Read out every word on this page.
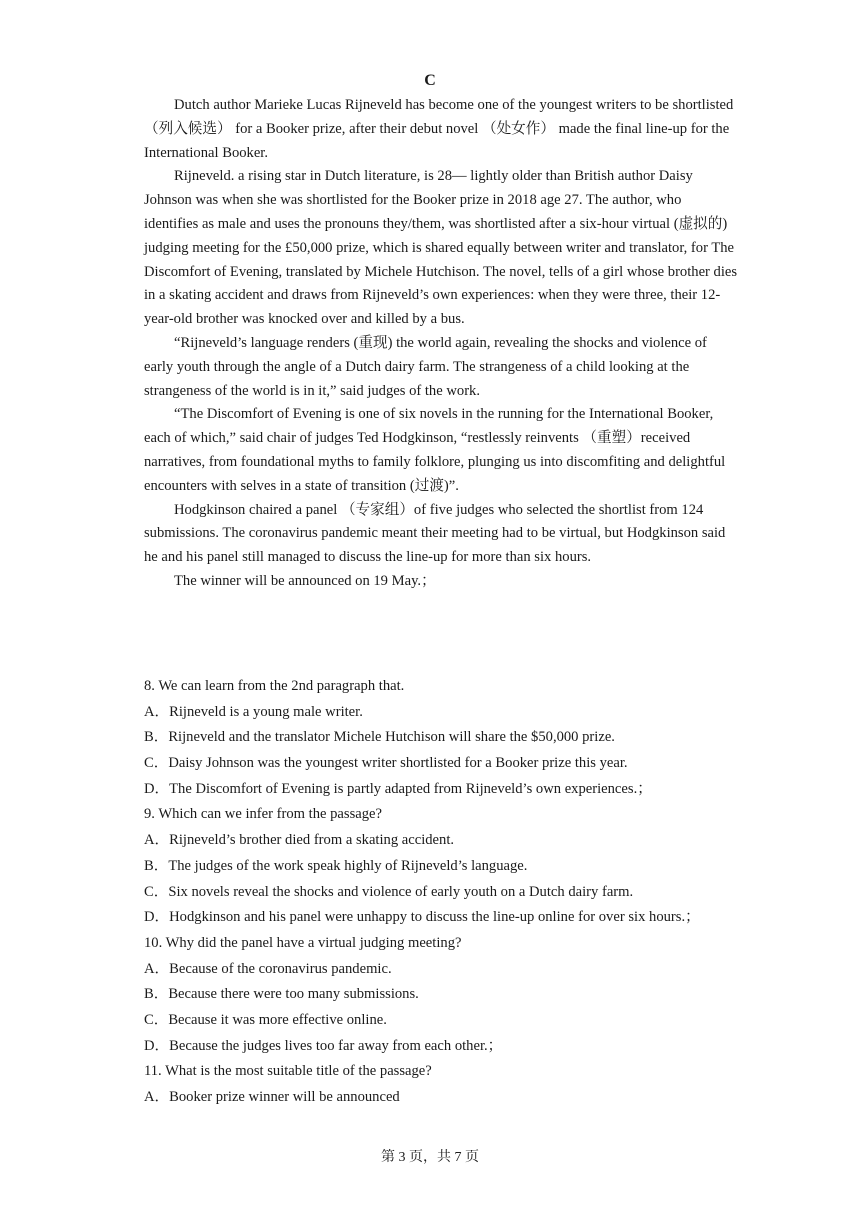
C

Dutch author Marieke Lucas Rijneveld has become one of the youngest writers to be shortlisted （列入候选） for a Booker prize, after their debut novel （处女作） made the final line-up for the International Booker.

Rijneveld. a rising star in Dutch literature, is 28— lightly older than British author Daisy Johnson was when she was shortlisted for the Booker prize in 2018 age 27. The author, who identifies as male and uses the pronouns they/them, was shortlisted after a six-hour virtual (虚拟的) judging meeting for the £50,000 prize, which is shared equally between writer and translator, for The Discomfort of Evening, translated by Michele Hutchison. The novel, tells of a girl whose brother dies in a skating accident and draws from Rijneveld’s own experiences: when they were three, their 12-year-old brother was knocked over and killed by a bus.

“Rijneveld’s language renders (重现) the world again, revealing the shocks and violence of early youth through the angle of a Dutch dairy farm. The strangeness of a child looking at the strangeness of the world is in it,” said judges of the work.

“The Discomfort of Evening is one of six novels in the running for the International Booker, each of which,” said chair of judges Ted Hodgkinson, “restlessly reinvents （重塑）received narratives, from foundational myths to family folklore, plunging us into discomfiting and delightful encounters with selves in a state of transition (过渡)”.

Hodgkinson chaired a panel （专家组）of five judges who selected the shortlist from 124 submissions. The coronavirus pandemic meant their meeting had to be virtual, but Hodgkinson said he and his panel still managed to discuss the line-up for more than six hours.

The winner will be announced on 19 May.；

8. We can learn from the 2nd paragraph that.

A．Rijneveld is a young male writer.

B．Rijneveld and the translator Michele Hutchison will share the $50,000 prize.

C．Daisy Johnson was the youngest writer shortlisted for a Booker prize this year.

D．The Discomfort of Evening is partly adapted from Rijneveld’s own experiences.；

9. Which can we infer from the passage?

A．Rijneveld’s brother died from a skating accident.

B．The judges of the work speak highly of Rijneveld’s language.

C．Six novels reveal the shocks and violence of early youth on a Dutch dairy farm.

D．Hodgkinson and his panel were unhappy to discuss the line-up online for over six hours.；

10. Why did the panel have a virtual judging meeting?

A．Because of the coronavirus pandemic.

B．Because there were too many submissions.

C．Because it was more effective online.

D．Because the judges lives too far away from each other.；

11. What is the most suitable title of the passage?

A．Booker prize winner will be announced

第 3 页，共 7 页
